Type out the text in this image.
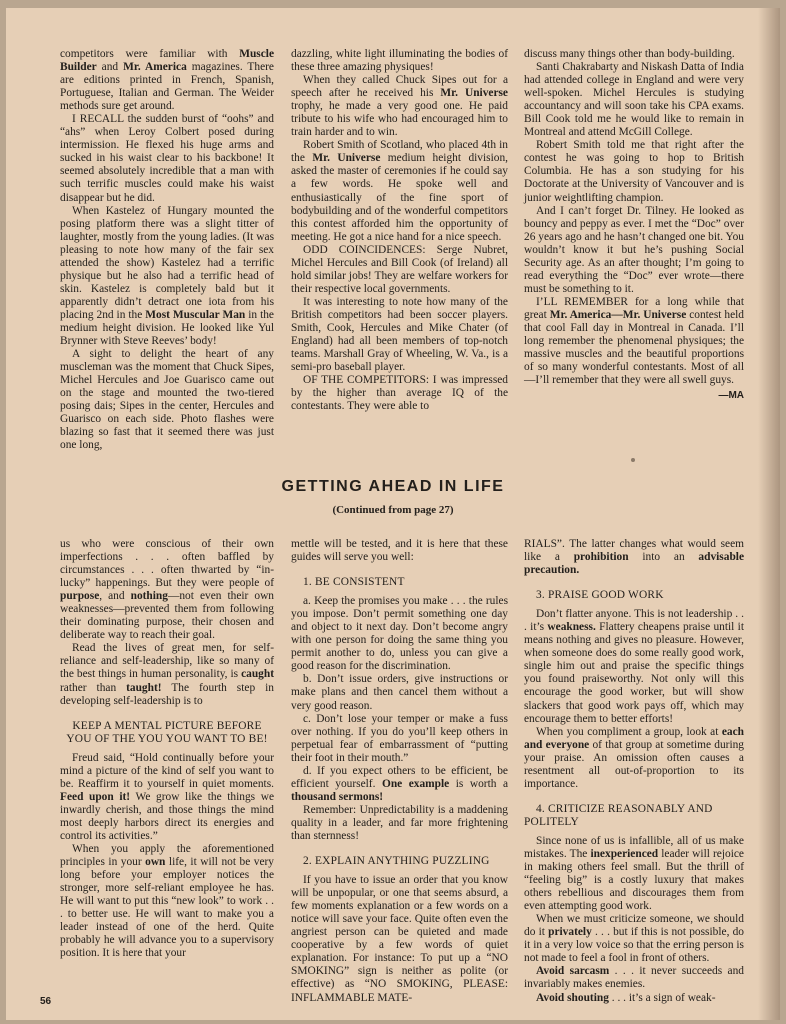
competitors were familiar with Muscle Builder and Mr. America magazines. There are editions printed in French, Spanish, Portuguese, Italian and German. The Weider methods sure get around.

I RECALL the sudden burst of “oohs” and “ahs” when Leroy Colbert posed during intermission. He flexed his huge arms and sucked in his waist clear to his backbone! It seemed absolutely incredible that a man with such terrific muscles could make his waist disappear but he did.

When Kastelez of Hungary mounted the posing platform there was a slight titter of laughter, mostly from the young ladies. (It was pleasing to note how many of the fair sex attended the show) Kastelez had a terrific physique but he also had a terrific head of skin. Kastelez is completely bald but it apparently didn’t detract one iota from his placing 2nd in the Most Muscular Man in the medium height division. He looked like Yul Brynner with Steve Reeves’ body!

A sight to delight the heart of any muscleman was the moment that Chuck Sipes, Michel Hercules and Joe Guarisco came out on the stage and mounted the two-tiered posing dais; Sipes in the center, Hercules and Guarisco on each side. Photo flashes were blazing so fast that it seemed there was just one long,

dazzling, white light illuminating the bodies of these three amazing physiques!

When they called Chuck Sipes out for a speech after he received his Mr. Universe trophy, he made a very good one. He paid tribute to his wife who had encouraged him to train harder and to win.

Robert Smith of Scotland, who placed 4th in the Mr. Universe medium height division, asked the master of ceremonies if he could say a few words. He spoke well and enthusiastically of the fine sport of bodybuilding and of the wonderful competitors this contest afforded him the opportunity of meeting. He got a nice hand for a nice speech.

ODD COINCIDENCES: Serge Nubret, Michel Hercules and Bill Cook (of Ireland) all hold similar jobs! They are welfare workers for their respective local governments.

It was interesting to note how many of the British competitors had been soccer players. Smith, Cook, Hercules and Mike Chater (of England) had all been members of top-notch teams. Marshall Gray of Wheeling, W. Va., is a semi-pro baseball player.

OF THE COMPETITORS: I was impressed by the higher than average IQ of the contestants. They were able to

discuss many things other than body-building.

Santi Chakrabarty and Niskash Datta of India had attended college in England and were very well-spoken. Michel Hercules is studying accountancy and will soon take his CPA exams. Bill Cook told me he would like to remain in Montreal and attend McGill College.

Robert Smith told me that right after the contest he was going to hop to British Columbia. He has a son studying for his Doctorate at the University of Vancouver and is junior weightlifting champion.

And I can’t forget Dr. Tilney. He looked as bouncy and peppy as ever. I met the “Doc” over 26 years ago and he hasn’t changed one bit. You wouldn’t know it but he’s pushing Social Security age. As an after thought; I’m going to read everything the “Doc” ever wrote—there must be something to it.

I’LL REMEMBER for a long while that great Mr. America—Mr. Universe contest held that cool Fall day in Montreal in Canada. I’ll long remember the phenomenal physiques; the massive muscles and the beautiful proportions of so many wonderful contestants. Most of all—I’ll remember that they were all swell guys.

—MA
GETTING AHEAD IN LIFE
(Continued from page 27)

us who were conscious of their own imperfections . . . often baffled by circumstances . . . often thwarted by “in-lucky” happenings. But they were people of purpose, and nothing—not even their own weaknesses—prevented them from following their dominating purpose, their chosen and deliberate way to reach their goal.

Read the lives of great men, for self-reliance and self-leadership, like so many of the best things in human personality, is caught rather than taught! The fourth step in developing self-leadership is to

KEEP A MENTAL PICTURE BEFORE YOU OF THE YOU YOU WANT TO BE!

Freud said, “Hold continually before your mind a picture of the kind of self you want to be. Reaffirm it to yourself in quiet moments. Feed upon it! We grow like the things we inwardly cherish, and those things the mind most deeply harbors direct its energies and control its activities.”

When you apply the aforementioned principles in your own life, it will not be very long before your employer notices the stronger, more self-reliant employee he has. He will want to put this “new look” to work . . . to better use. He will want to make you a leader instead of one of the herd. Quite probably he will advance you to a supervisory position. It is here that your

mettle will be tested, and it is here that these guides will serve you well:

1. BE CONSISTENT

a. Keep the promises you make . . . the rules you impose. Don’t permit something one day and object to it next day. Don’t become angry with one person for doing the same thing you permit another to do, unless you can give a good reason for the discrimination.

b. Don’t issue orders, give instructions or make plans and then cancel them without a very good reason.

c. Don’t lose your temper or make a fuss over nothing. If you do you’ll keep others in perpetual fear of embarrassment of “putting their foot in their mouth.”

d. If you expect others to be efficient, be efficient yourself. One example is worth a thousand sermons!

Remember: Unpredictability is a maddening quality in a leader, and far more frightening than sternness!

2. EXPLAIN ANYTHING PUZZLING

If you have to issue an order that you know will be unpopular, or one that seems absurd, a few moments explanation or a few words on a notice will save your face. Quite often even the angriest person can be quieted and made cooperative by a few words of quiet explanation. For instance: To put up a “NO SMOKING” sign is neither as polite (or effective) as “NO SMOKING, PLEASE: INFLAMMABLE MATE-

RIALS”. The latter changes what would seem like a prohibition into an advisable precaution.

3. PRAISE GOOD WORK

Don’t flatter anyone. This is not leadership . . . it’s weakness. Flattery cheapens praise until it means nothing and gives no pleasure. However, when someone does do some really good work, single him out and praise the specific things you found praiseworthy. Not only will this encourage the good worker, but will show slackers that good work pays off, which may encourage them to better efforts!

When you compliment a group, look at each and everyone of that group at sometime during your praise. An omission often causes a resentment all out-of-proportion to its importance.

4. CRITICIZE REASONABLY AND POLITELY

Since none of us is infallible, all of us make mistakes. The inexperienced leader will rejoice in making others feel small. But the thrill of “feeling big” is a costly luxury that makes others rebellious and discourages them from even attempting good work.

When we must criticize someone, we should do it privately . . . but if this is not possible, do it in a very low voice so that the erring person is not made to feel a fool in front of others.

Avoid sarcasm . . . it never succeeds and invariably makes enemies.

Avoid shouting . . . it’s a sign of weak-

56
